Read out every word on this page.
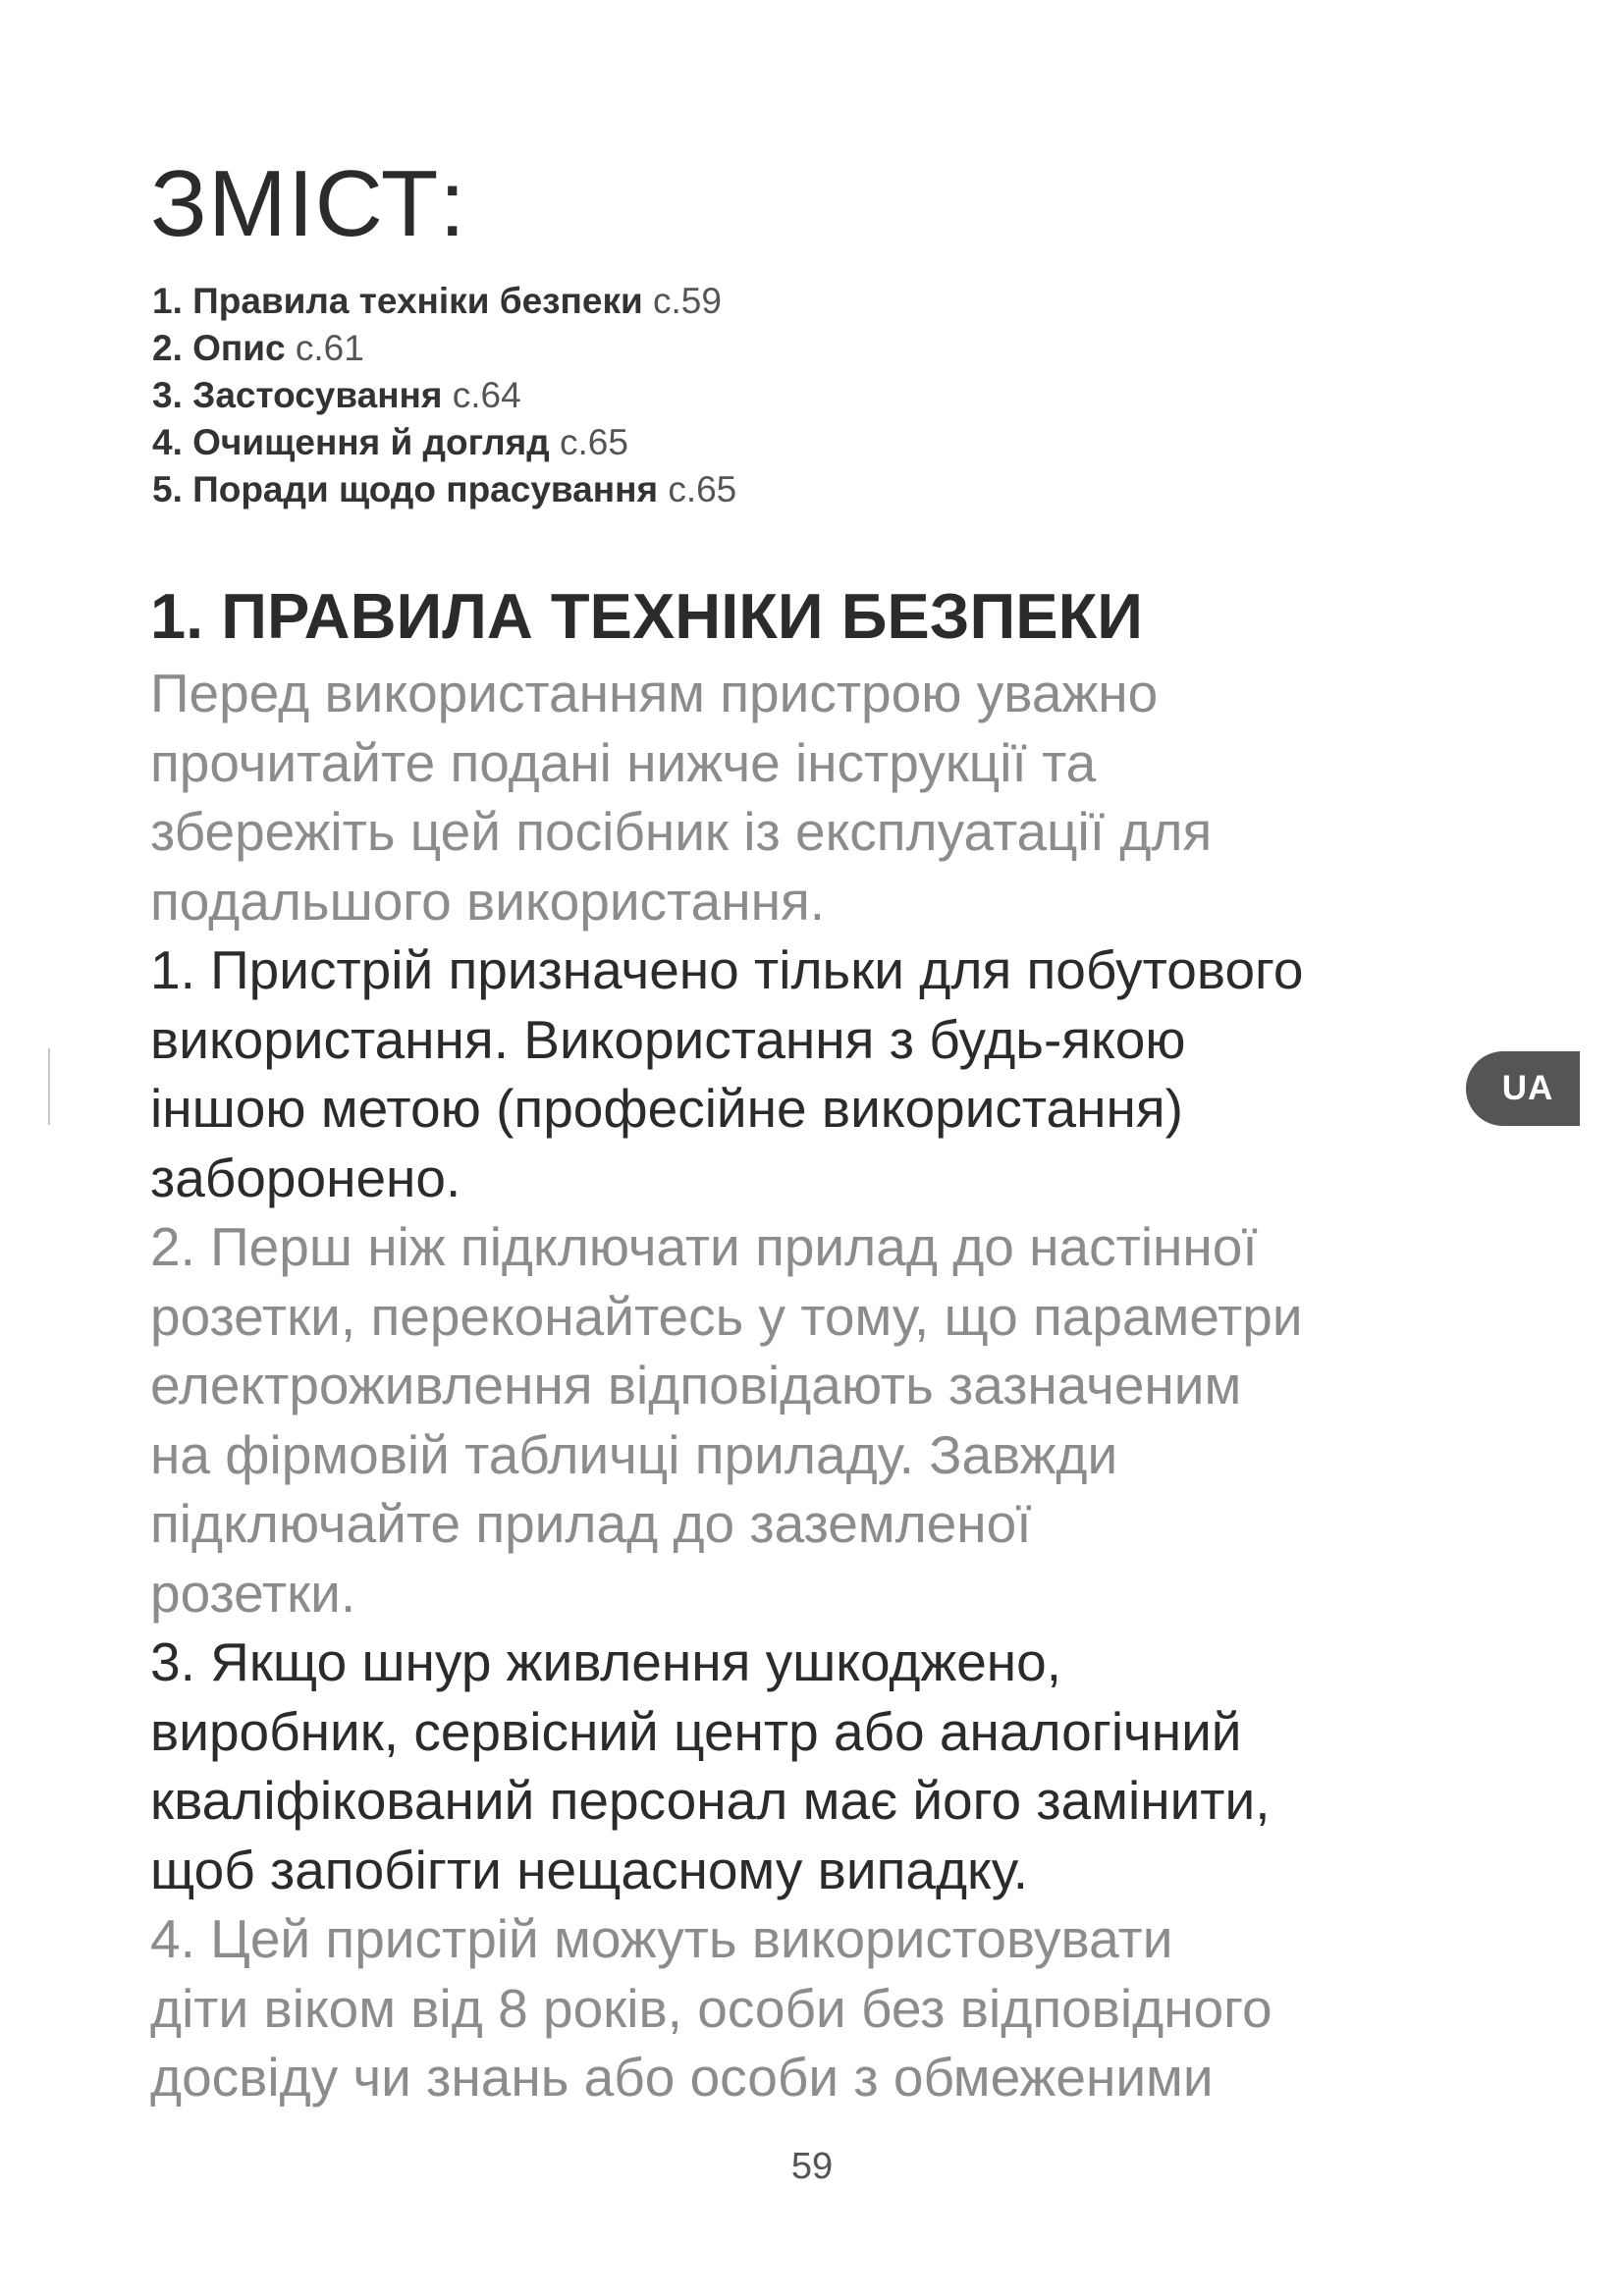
ЗМІСТ:
1. Правила техніки безпеки с.59
2. Опис с.61
3. Застосування с.64
4. Очищення й догляд с.65
5. Поради щодо прасування с.65
1. ПРАВИЛА ТЕХНІКИ БЕЗПЕКИ

Перед використанням пристрою уважно
прочитайте подані нижче інструкції та
збережіть цей посібник із експлуатації для
подальшого використання.

1. Пристрій призначено тільки для побутового
використання. Використання з будь-якою
іншою метою (професійне використання)
заборонено.

2. Перш ніж підключати прилад до настінної
розетки, переконайтесь у тому, що параметри
електроживлення відповідають зазначеним
на фірмовій табличці приладу. Завжди
підключайте прилад до заземленої
розетки.

3. Якщо шнур живлення ушкоджено,
виробник, сервісний центр або аналогічний
кваліфікований персонал має його замінити,
щоб запобігти нещасному випадку.

4. Цей пристрій можуть використовувати
діти віком від 8 років, особи без відповідного
досвіду чи знань або особи з обмеженими

UA
59
